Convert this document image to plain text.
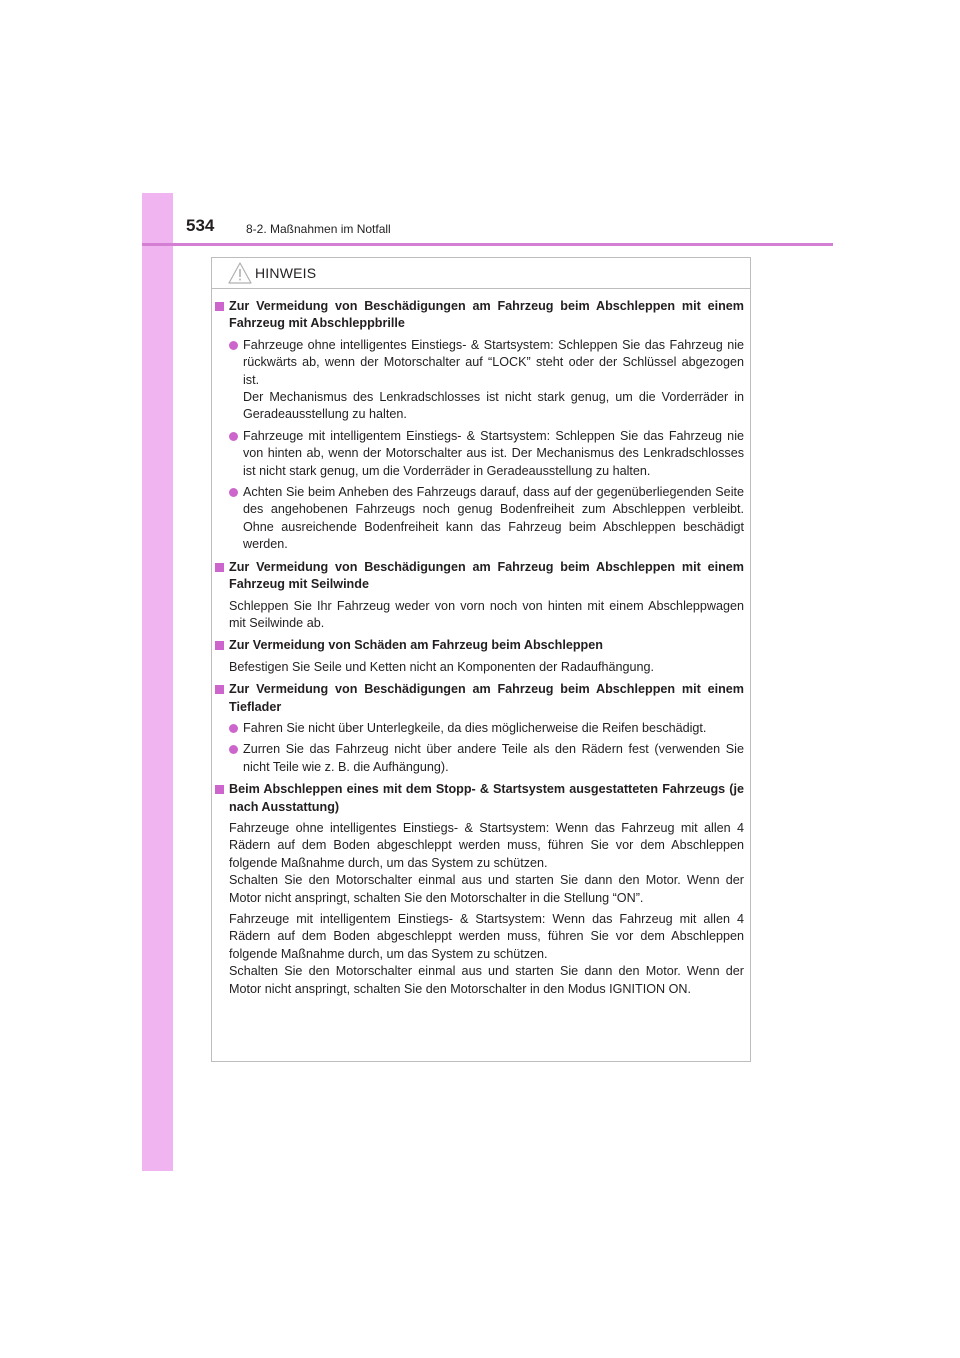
534	8-2. Maßnahmen im Notfall
HINWEIS
Zur Vermeidung von Beschädigungen am Fahrzeug beim Abschleppen mit einem Fahrzeug mit Abschleppbrille
Fahrzeuge ohne intelligentes Einstiegs- & Startsystem: Schleppen Sie das Fahrzeug nie rückwärts ab, wenn der Motorschalter auf “LOCK” steht oder der Schlüssel abgezogen ist.
Der Mechanismus des Lenkradschlosses ist nicht stark genug, um die Vorderräder in Geradeausstellung zu halten.
Fahrzeuge mit intelligentem Einstiegs- & Startsystem: Schleppen Sie das Fahrzeug nie von hinten ab, wenn der Motorschalter aus ist. Der Mechanismus des Lenkradschlosses ist nicht stark genug, um die Vorderräder in Geradeausstellung zu halten.
Achten Sie beim Anheben des Fahrzeugs darauf, dass auf der gegenüberliegenden Seite des angehobenen Fahrzeugs noch genug Bodenfreiheit zum Abschleppen verbleibt. Ohne ausreichende Bodenfreiheit kann das Fahrzeug beim Abschleppen beschädigt werden.
Zur Vermeidung von Beschädigungen am Fahrzeug beim Abschleppen mit einem Fahrzeug mit Seilwinde
Schleppen Sie Ihr Fahrzeug weder von vorn noch von hinten mit einem Abschleppwagen mit Seilwinde ab.
Zur Vermeidung von Schäden am Fahrzeug beim Abschleppen
Befestigen Sie Seile und Ketten nicht an Komponenten der Radaufhängung.
Zur Vermeidung von Beschädigungen am Fahrzeug beim Abschleppen mit einem Tieflader
Fahren Sie nicht über Unterlegkeile, da dies möglicherweise die Reifen beschädigt.
Zurren Sie das Fahrzeug nicht über andere Teile als den Rädern fest (verwenden Sie nicht Teile wie z. B. die Aufhängung).
Beim Abschleppen eines mit dem Stopp- & Startsystem ausgestatteten Fahrzeugs (je nach Ausstattung)
Fahrzeuge ohne intelligentes Einstiegs- & Startsystem: Wenn das Fahrzeug mit allen 4 Rädern auf dem Boden abgeschleppt werden muss, führen Sie vor dem Abschleppen folgende Maßnahme durch, um das System zu schützen.
Schalten Sie den Motorschalter einmal aus und starten Sie dann den Motor. Wenn der Motor nicht anspringt, schalten Sie den Motorschalter in die Stellung “ON”.
Fahrzeuge mit intelligentem Einstiegs- & Startsystem: Wenn das Fahrzeug mit allen 4 Rädern auf dem Boden abgeschleppt werden muss, führen Sie vor dem Abschleppen folgende Maßnahme durch, um das System zu schützen.
Schalten Sie den Motorschalter einmal aus und starten Sie dann den Motor. Wenn der Motor nicht anspringt, schalten Sie den Motorschalter in den Modus IGNITION ON.
